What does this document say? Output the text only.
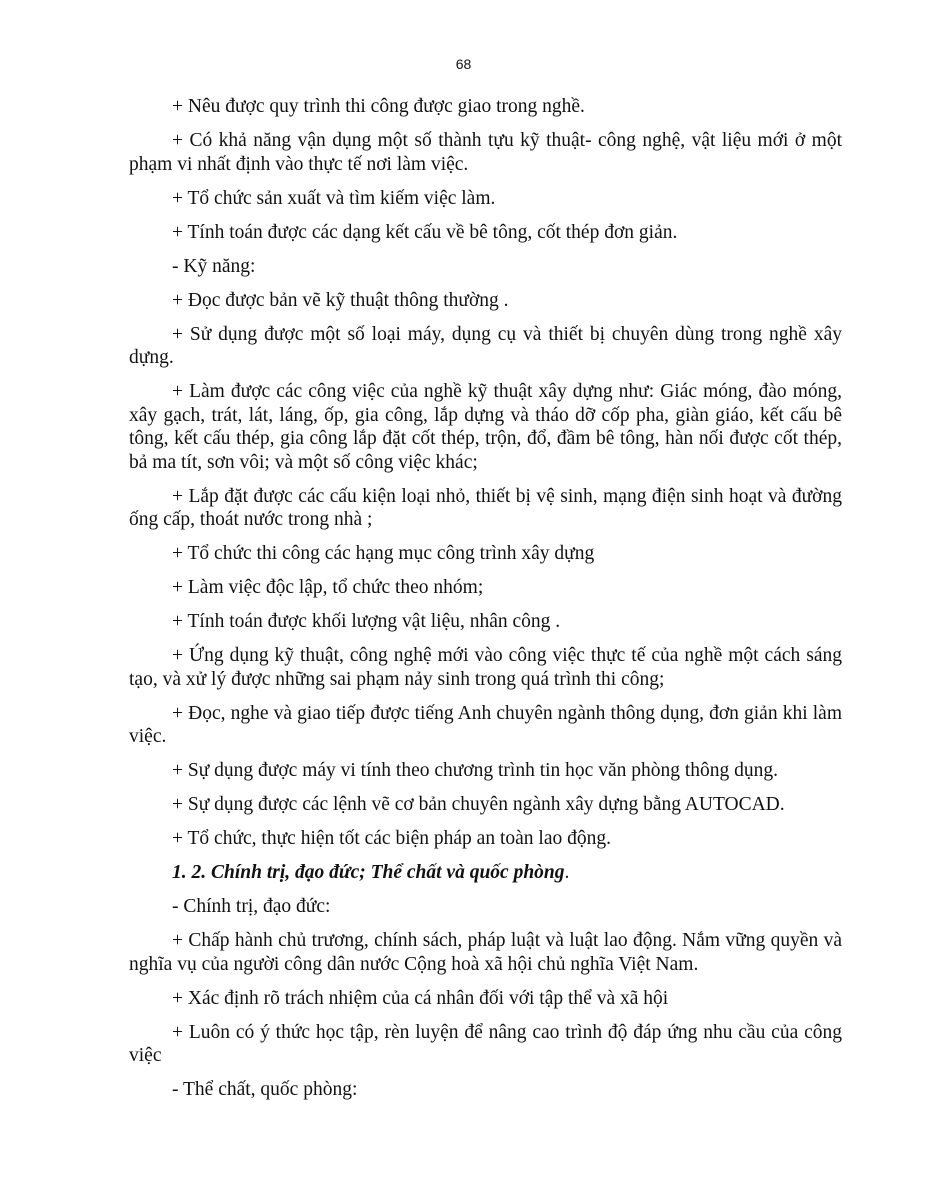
68

+ Nêu được quy trình thi công được giao trong nghề.

+ Có khả năng vận dụng một số thành tựu kỹ thuật- công nghệ, vật liệu mới ở một phạm vi nhất định vào thực tế nơi làm việc.

+ Tổ chức sản xuất và tìm kiếm việc làm.

+ Tính toán được các dạng kết cấu về bê tông, cốt thép đơn giản.

- Kỹ năng:

+ Đọc được bản vẽ kỹ thuật thông thường .

+ Sử dụng được một số loại máy, dụng cụ và thiết bị chuyên dùng trong nghề xây dựng.

+ Làm được các công việc của nghề kỹ thuật xây dựng như: Giác móng, đào móng, xây gạch, trát, lát, láng, ốp, gia công, lắp dựng và tháo dỡ cốp pha, giàn giáo, kết cấu bê tông, kết cấu thép, gia công lắp đặt cốt thép, trộn, đổ, đầm bê tông, hàn nối được cốt thép, bả ma tít, sơn vôi; và một số công việc khác;

+ Lắp đặt được các cấu kiện loại nhỏ, thiết bị vệ sinh, mạng điện sinh hoạt và đường ống cấp, thoát nước trong nhà ;

+ Tổ chức thi công các hạng mục công trình xây dựng

+ Làm việc độc lập, tổ chức theo nhóm;

+ Tính toán được khối lượng vật liệu, nhân công .

+ Ứng dụng kỹ thuật, công nghệ mới vào công việc thực tế của nghề một cách sáng tạo, và xử lý được những sai phạm nảy sinh trong quá trình thi công;

+ Đọc, nghe và giao tiếp được tiếng Anh chuyên ngành thông dụng, đơn giản khi làm việc.

+ Sự dụng được máy vi tính theo chương trình tin học văn phòng thông dụng.

+ Sự dụng được các lệnh vẽ cơ bản chuyên ngành xây dựng bằng AUTOCAD.

+ Tổ chức, thực hiện tốt các biện pháp an toàn lao động.

1. 2. Chính trị, đạo đức; Thể chất và quốc phòng.

- Chính trị, đạo đức:

+ Chấp hành chủ trương, chính sách, pháp luật và luật lao động. Nắm vững quyền và nghĩa vụ của người công dân nước Cộng hoà xã hội chủ nghĩa Việt Nam.

+ Xác định rõ trách nhiệm của cá nhân đối với tập thể và xã hội

+ Luôn có ý thức học tập, rèn luyện để nâng cao trình độ đáp ứng nhu cầu của công việc

- Thể chất, quốc phòng:
